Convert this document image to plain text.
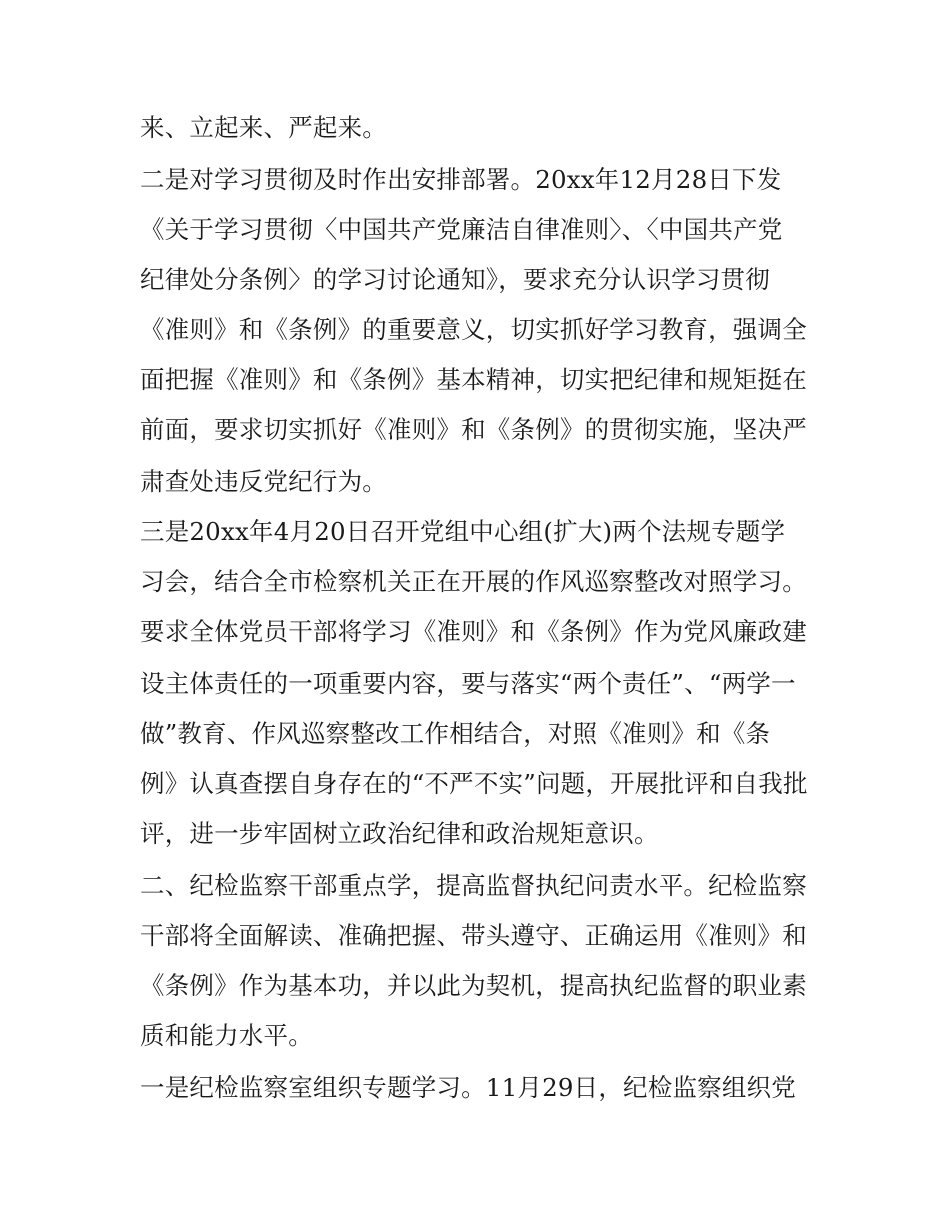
来、立起来、严起来。
二是对学习贯彻及时作出安排部署。20xx年12月28日下发
《关于学习贯彻〈中国共产党廉洁自律准则〉、〈中国共产党
纪律处分条例〉的学习讨论通知》，要求充分认识学习贯彻
《准则》和《条例》的重要意义，切实抓好学习教育，强调全
面把握《准则》和《条例》基本精神，切实把纪律和规矩挺在
前面，要求切实抓好《准则》和《条例》的贯彻实施，坚决严
肃查处违反党纪行为。
三是20xx年4月20日召开党组中心组(扩大)两个法规专题学
习会，结合全市检察机关正在开展的作风巡察整改对照学习。
要求全体党员干部将学习《准则》和《条例》作为党风廉政建
设主体责任的一项重要内容，要与落实“两个责任”、“两学一
做”教育、作风巡察整改工作相结合，对照《准则》和《条
例》认真查摆自身存在的“不严不实”问题，开展批评和自我批
评，进一步牢固树立政治纪律和政治规矩意识。
二、纪检监察干部重点学，提高监督执纪问责水平。纪检监察
干部将全面解读、准确把握、带头遵守、正确运用《准则》和
《条例》作为基本功，并以此为契机，提高执纪监督的职业素
质和能力水平。
一是纪检监察室组织专题学习。11月29日，纪检监察组织党
